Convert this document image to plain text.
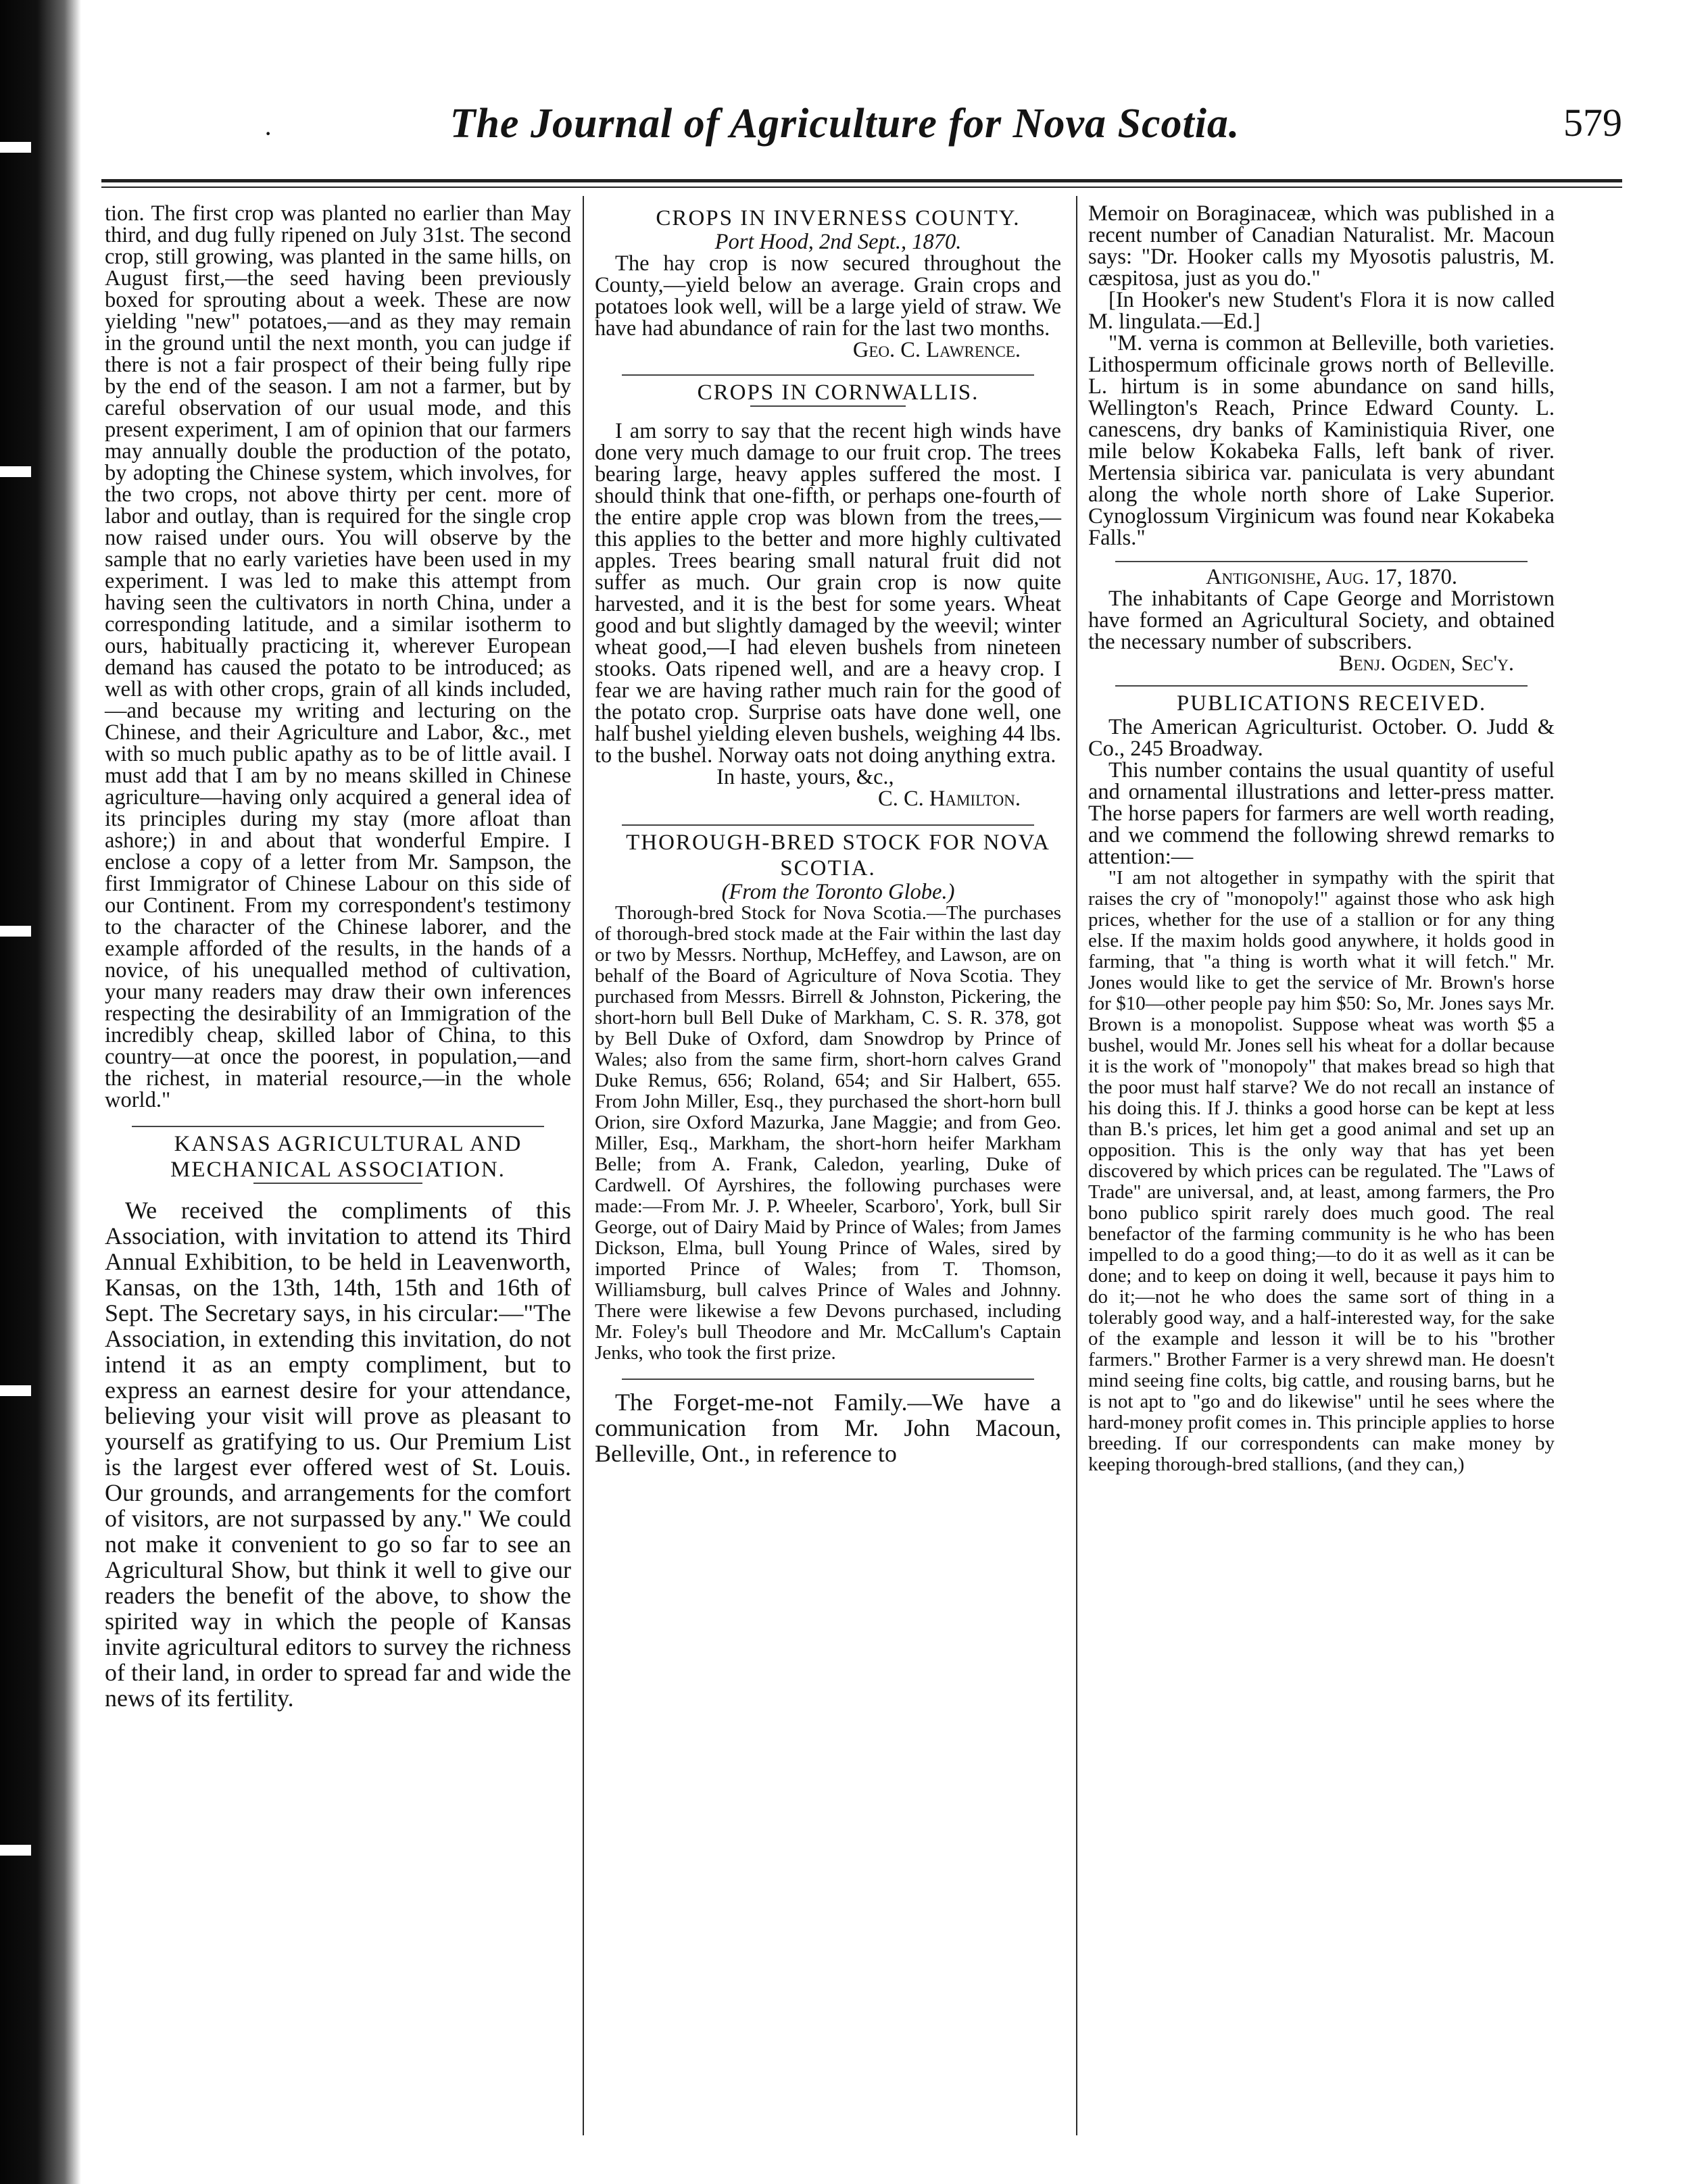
·	The Journal of Agriculture for Nova Scotia.	579

tion. The first crop was planted no earlier than May third, and dug fully ripened on July 31st. The second crop, still growing, was planted in the same hills, on August first,—the seed having been previously boxed for sprouting about a week. These are now yielding "new" potatoes,—and as they may remain in the ground until the next month, you can judge if there is not a fair prospect of their being fully ripe by the end of the season. I am not a farmer, but by careful observation of our usual mode, and this present experiment, I am of opinion that our farmers may annually double the production of the potato, by adopting the Chinese system, which involves, for the two crops, not above thirty per cent. more of labor and outlay, than is required for the single crop now raised under ours. You will observe by the sample that no early varieties have been used in my experiment. I was led to make this attempt from having seen the cultivators in north China, under a corresponding latitude, and a similar isotherm to ours, habitually practicing it, wherever European demand has caused the potato to be introduced; as well as with other crops, grain of all kinds included,—and because my writing and lecturing on the Chinese, and their Agriculture and Labor, &c., met with so much public apathy as to be of little avail. I must add that I am by no means skilled in Chinese agriculture—having only acquired a general idea of its principles during my stay (more afloat than ashore;) in and about that wonderful Empire. I enclose a copy of a letter from Mr. Sampson, the first Immigrator of Chinese Labour on this side of our Continent. From my correspondent's testimony to the character of the Chinese laborer, and the example afforded of the results, in the hands of a novice, of his unequalled method of cultivation, your many readers may draw their own inferences respecting the desirability of an Immigration of the incredibly cheap, skilled labor of China, to this country—at once the poorest, in population,—and the richest, in material resource,—in the whole world."

KANSAS AGRICULTURAL AND MECHANICAL ASSOCIATION.

We received the compliments of this Association, with invitation to attend its Third Annual Exhibition, to be held in Leavenworth, Kansas, on the 13th, 14th, 15th and 16th of Sept. The Secretary says, in his circular:—"The Association, in extending this invitation, do not intend it as an empty compliment, but to express an earnest desire for your attendance, believing your visit will prove as pleasant to yourself as gratifying to us. Our Premium List is the largest ever offered west of St. Louis. Our grounds, and arrangements for the comfort of visitors, are not surpassed by any." We could not make it convenient to go so far to see an Agricultural Show, but think it well to give our readers the benefit of the above, to show the spirited way in which the people of Kansas invite agricultural editors to survey the richness of their land, in order to spread far and wide the news of its fertility.

CROPS IN INVERNESS COUNTY.

Port Hood, 2nd Sept., 1870.

The hay crop is now secured throughout the County,—yield below an average. Grain crops and potatoes look well, will be a large yield of straw. We have had abundance of rain for the last two months.

Geo. C. Lawrence.

CROPS IN CORNWALLIS.

I am sorry to say that the recent high winds have done very much damage to our fruit crop. The trees bearing large, heavy apples suffered the most. I should think that one-fifth, or perhaps one-fourth of the entire apple crop was blown from the trees,—this applies to the better and more highly cultivated apples. Trees bearing small natural fruit did not suffer as much. Our grain crop is now quite harvested, and it is the best for some years. Wheat good and but slightly damaged by the weevil; winter wheat good,—I had eleven bushels from nineteen stooks. Oats ripened well, and are a heavy crop. I fear we are having rather much rain for the good of the potato crop. Surprise oats have done well, one half bushel yielding eleven bushels, weighing 44 lbs. to the bushel. Norway oats not doing anything extra.

In haste, yours, &c.,

C. C. Hamilton.

THOROUGH-BRED STOCK FOR NOVA SCOTIA.

(From the Toronto Globe.)

Thorough-bred Stock for Nova Scotia.—The purchases of thorough-bred stock made at the Fair within the last day or two by Messrs. Northup, McHeffey, and Lawson, are on behalf of the Board of Agriculture of Nova Scotia. They purchased from Messrs. Birrell & Johnston, Pickering, the short-horn bull Bell Duke of Markham, C. S. R. 378, got by Bell Duke of Oxford, dam Snowdrop by Prince of Wales; also from the same firm, short-horn calves Grand Duke Remus, 656; Roland, 654; and Sir Halbert, 655. From John Miller, Esq., they purchased the short-horn bull Orion, sire Oxford Mazurka, Jane Maggie; and from Geo. Miller, Esq., Markham, the short-horn heifer Markham Belle; from A. Frank, Caledon, yearling, Duke of Cardwell. Of Ayrshires, the following purchases were made:—From Mr. J. P. Wheeler, Scarboro', York, bull Sir George, out of Dairy Maid by Prince of Wales; from James Dickson, Elma, bull Young Prince of Wales, sired by imported Prince of Wales; from T. Thomson, Williamsburg, bull calves Prince of Wales and Johnny. There were likewise a few Devons purchased, including Mr. Foley's bull Theodore and Mr. McCallum's Captain Jenks, who took the first prize.

The Forget-me-not Family.—We have a communication from Mr. John Macoun, Belleville, Ont., in reference to

Memoir on Boraginaceæ, which was published in a recent number of Canadian Naturalist. Mr. Macoun says: "Dr. Hooker calls my Myosotis palustris, M. cæspitosa, just as you do."

[In Hooker's new Student's Flora it is now called M. lingulata.—Ed.]

"M. verna is common at Belleville, both varieties. Lithospermum officinale grows north of Belleville. L. hirtum is in some abundance on sand hills, Wellington's Reach, Prince Edward County. L. canescens, dry banks of Kaministiquia River, one mile below Kokabeka Falls, left bank of river. Mertensia sibirica var. paniculata is very abundant along the whole north shore of Lake Superior. Cynoglossum Virginicum was found near Kokabeka Falls."

Antigonishe, Aug. 17, 1870.

The inhabitants of Cape George and Morristown have formed an Agricultural Society, and obtained the necessary number of subscribers.

Benj. Ogden, Sec'y.

PUBLICATIONS RECEIVED.

The American Agriculturist. October. O. Judd & Co., 245 Broadway.

This number contains the usual quantity of useful and ornamental illustrations and letter-press matter. The horse papers for farmers are well worth reading, and we commend the following shrewd remarks to attention:—

"I am not altogether in sympathy with the spirit that raises the cry of "monopoly!" against those who ask high prices, whether for the use of a stallion or for any thing else. If the maxim holds good anywhere, it holds good in farming, that "a thing is worth what it will fetch." Mr. Jones would like to get the service of Mr. Brown's horse for $10—other people pay him $50: So, Mr. Jones says Mr. Brown is a monopolist. Suppose wheat was worth $5 a bushel, would Mr. Jones sell his wheat for a dollar because it is the work of "monopoly" that makes bread so high that the poor must half starve? We do not recall an instance of his doing this. If J. thinks a good horse can be kept at less than B.'s prices, let him get a good animal and set up an opposition. This is the only way that has yet been discovered by which prices can be regulated. The "Laws of Trade" are universal, and, at least, among farmers, the Pro bono publico spirit rarely does much good. The real benefactor of the farming community is he who has been impelled to do a good thing;—to do it as well as it can be done; and to keep on doing it well, because it pays him to do it;—not he who does the same sort of thing in a tolerably good way, and a half-interested way, for the sake of the example and lesson it will be to his "brother farmers." Brother Farmer is a very shrewd man. He doesn't mind seeing fine colts, big cattle, and rousing barns, but he is not apt to "go and do likewise" until he sees where the hard-money profit comes in. This principle applies to horse breeding. If our correspondents can make money by keeping thorough-bred stallions, (and they can,)
